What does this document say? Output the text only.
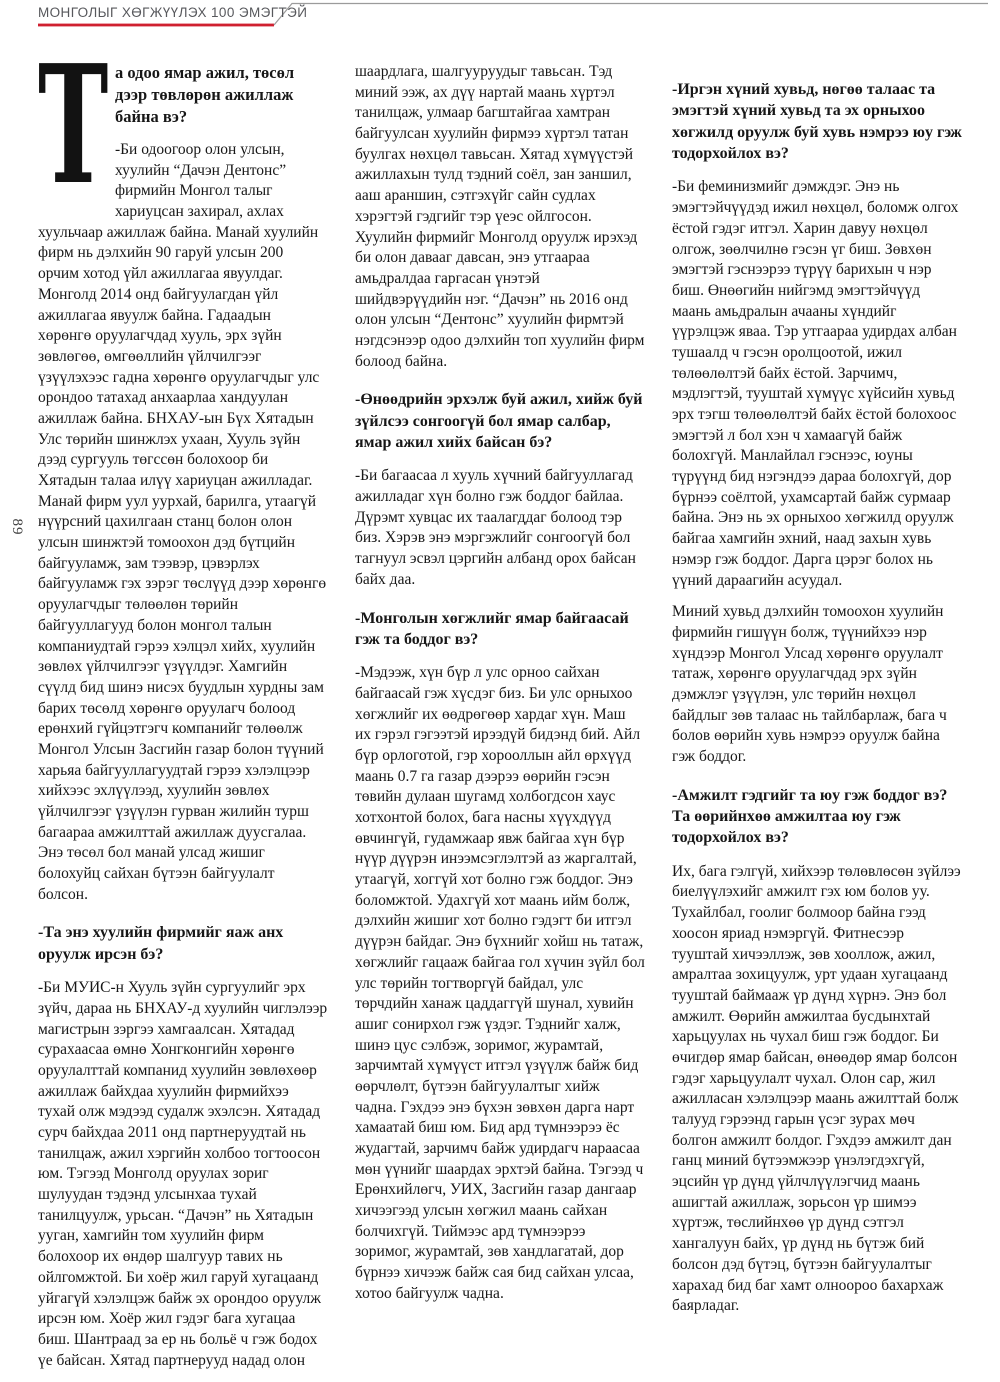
МОНГОЛЫГ ХӨГЖҮҮЛЭХ 100 ЭМЭГТЭЙ
89
Т а одоо ямар ажил, төсөл дээр төвлөрөн ажиллаж байна вэ?

-Би одоогоор олон улсын, хуулийн “Дачэн Дентонс” фирмийн Монгол талыг хариуцсан захирал, ахлах хуульчаар ажиллаж байна. Манай хуулийн фирм нь дэлхийн 90 гаруй улсын 200 орчим хотод үйл ажиллагаа явуулдаг. Монголд 2014 онд байгуулагдан үйл ажиллагаа явуулж байна. Гадаадын хөрөнгө оруулагчдад хууль, эрх зүйн зөвлөгөө, өмгөөллийн үйлчилгээг үзүүлэхээс гадна хөрөнгө оруулагчдыг улс орондоо татахад анхаарлаа хандуулан ажиллаж байна. БНХАУ-ын Бүх Хятадын Улс төрийн шинжлэх ухаан, Хууль зүйн дээд сургууль төгссөн болохоор би Хятадын талаа илүү хариуцан ажилладаг. Манай фирм уул уурхай, барилга, утаагүй нүүрсний цахилгаан станц болон олон улсын шинжтэй томоохон дэд бүтцийн байгууламж, зам тээвэр, цэвэрлэх байгууламж гэх зэрэг төслүүд дээр хөрөнгө оруулагчдыг төлөөлөн төрийн байгууллагууд болон монгол талын компаниудтай гэрээ хэлцэл хийх, хуулийн зөвлөх үйлчилгээг үзүүлдэг. Хамгийн сүүлд бид шинэ нисэх буудлын хурдны зам барих төсөлд хөрөнгө оруулагч болоод ерөнхий гүйцэтгэгч компанийг төлөөлж Монгол Улсын Засгийн газар болон түүний харьяа байгууллагуудтай гэрээ хэлэлцээр хийхээс эхлүүлээд, хуулийн зөвлөх үйлчилгээг үзүүлэн гурван жилийн турш багаараа амжилттай ажиллаж дуусгалаа. Энэ төсөл бол манай улсад жишиг болохуйц сайхан бүтээн байгуулалт болсон.

-Та энэ хуулийн фирмийг яаж анх оруулж ирсэн бэ?

-Би МУИС-н Хууль зүйн сургуулийг эрх зүйч, дараа нь БНХАУ-д хуулийн чиглэлээр магистрын зэргээ хамгаалсан. Хятадад сурахаасаа өмнө Хонгконгийн хөрөнгө оруулалттай компанид хуулийн зөвлөхөөр ажиллаж байхдаа хуулийн фирмийхээ тухай олж мэдээд судалж эхэлсэн. Хятадад сурч байхдаа 2011 онд партнеруудтай нь танилцаж, ажил хэргийн холбоо тогтоосон юм. Тэгээд Монголд оруулах зориг шулуудан тэдэнд улсынхаа тухай танилцуулж, урьсан. “Дачэн” нь Хятадын ууган, хамгийн том хуулийн фирм болохоор их өндөр шалгуур тавих нь ойлгомжтой. Би хоёр жил гаруй хугацаанд уйгагүй хэлэлцэж байж эх орондоо оруулж ирсэн юм. Хоёр жил гэдэг бага хугацаа биш. Шантраад за ер нь больё ч гэж бодох үе байсан. Хятад партнерууд надад олон

шаардлага, шалгууруудыг тавьсан. Тэд миний ээж, ах дүү нартай маань хүртэл танилцаж, улмаар багштайгаа хамтран байгуулсан хуулийн фирмээ хүртэл татан буулгах нөхцөл тавьсан. Хятад хүмүүстэй ажиллахын тулд тэдний соёл, зан заншил, ааш араншин, сэтгэхүйг сайн судлах хэрэгтэй гэдгийг тэр үеэс ойлгосон. Хуулийн фирмийг Монголд оруулж ирэхэд би олон давааг давсан, энэ утгаараа амьдралдаа гаргасан үнэтэй шийдвэрүүдийн нэг. “Дачэн” нь 2016 онд олон улсын “Дентонс” хуулийн фирмтэй нэгдсэнээр одоо дэлхийн топ хуулийн фирм болоод байна.

-Өнөөдрийн эрхэлж буй ажил, хийж буй зүйлсээ сонгоогүй бол ямар салбар, ямар ажил хийх байсан бэ?

-Би багаасаа л хууль хүчний байгууллагад ажилладаг хүн болно гэж боддог байлаа. Дүрэмт хувцас их таалагддаг болоод тэр биз. Хэрэв энэ мэргэжлийг сонгоогүй бол тагнуул эсвэл цэргийн албанд орох байсан байх даа.

-Монголын хөгжлийг ямар байгаасай гэж та боддог вэ?

-Мэдээж, хүн бүр л улс орноо сайхан байгаасай гэж хүсдэг биз. Би улс орныхоо хөгжлийг их өөдрөгөөр хардаг хүн. Маш их гэрэл гэгээтэй ирээдүй бидэнд бий. Айл бүр орлоготой, гэр хорооллын айл өрхүүд маань 0.7 га газар дээрээ өөрийн гэсэн төвийн дулаан шугамд холбогдсон хаус хотхонтой болох, бага насны хүүхдүүд өвчингүй, гудамжаар явж байгаа хүн бүр нүүр дүүрэн инээмсэглэлтэй аз жаргалтай, утаагүй, хоггүй хот болно гэж боддог. Энэ боломжтой. Удахгүй хот маань ийм болж, дэлхийн жишиг хот болно гэдэгт би итгэл дүүрэн байдаг. Энэ бүхнийг хойш нь татаж, хөгжлийг гацааж байгаа гол хүчин зүйл бол улс төрийн тогтворгүй байдал, улс төрчдийн ханаж цаддаггүй шунал, хувийн ашиг сонирхол гэж үздэг. Тэднийг халж, шинэ цус сэлбэж, зоримог, журамтай, зарчимтай хүмүүст итгэл үзүүлж байж бид өөрчлөлт, бүтээн байгуулалтыг хийж чадна. Гэхдээ энэ бүхэн зөвхөн дарга нарт хамаатай биш юм. Бид ард түмнээрээ ёс жудагтай, зарчимч байж удирдагч нараасаа мөн үүнийг шаардах эрхтэй байна. Тэгээд ч Ерөнхийлөгч, УИХ, Засгийн газар дангаар хичээгээд улсын хөгжил маань сайхан болчихгүй. Тиймээс ард түмнээрээ зоримог, журамтай, зөв хандлагатай, дор бүрнээ хичээж байж сая бид сайхан улсаа, хотоо байгуулж чадна.

-Иргэн хүний хувьд, нөгөө талаас та эмэгтэй хүний хувьд та эх орныхоо хөгжилд оруулж буй хувь нэмрээ юу гэж тодорхойлох вэ?

-Би феминизмийг дэмждэг. Энэ нь эмэгтэйчүүдэд ижил нөхцөл, боломж олгох ёстой гэдэг итгэл. Харин давуу нөхцөл олгож, зөөлчилнө гэсэн үг биш. Зөвхөн эмэгтэй гэснээрээ түрүү барихын ч нэр биш. Өнөөгийн нийгэмд эмэгтэйчүүд маань амьдралын ачааны хүндийг үүрэлцэж яваа. Тэр утгаараа удирдах албан тушаалд ч гэсэн оролцоотой, ижил төлөөлөлтэй байх ёстой. Зарчимч, мэдлэгтэй, тууштай хүмүүс хүйсийн хувьд эрх тэгш төлөөлөлтэй байх ёстой болохоос эмэгтэй л бол хэн ч хамаагүй байж болохгүй. Манлайлал гэснээс, юуны түрүүнд бид нэгэндээ дараа болохгүй, дор бүрнээ соёлтой, ухамсартай байж сурмаар байна. Энэ нь эх орныхоо хөгжилд оруулж байгаа хамгийн эхний, наад захын хувь нэмэр гэж боддог. Дарга цэрэг болох нь үүний дараагийн асуудал.

Миний хувьд дэлхийн томоохон хуулийн фирмийн гишүүн болж, түүнийхээ нэр хүндээр Монгол Улсад хөрөнгө оруулалт татаж, хөрөнгө оруулагчдад эрх зүйн дэмжлэг үзүүлэн, улс төрийн нөхцөл байдлыг зөв талаас нь тайлбарлаж, бага ч болов өөрийн хувь нэмрээ оруулж байна гэж боддог.

-Амжилт гэдгийг та юу гэж боддог вэ? Та өөрийнхөө амжилтаа юу гэж тодорхойлох вэ?

Их, бага гэлгүй, хийхээр төлөвлөсөн зүйлээ биелүүлэхийг амжилт гэх юм болов уу. Тухайлбал, гоолиг болмоор байна гээд хоосон яриад нэмэргүй. Фитнесээр тууштай хичээллэж, зөв хооллож, ажил, амралтаа зохицуулж, урт удаан хугацаанд тууштай баймааж үр дүнд хүрнэ. Энэ бол амжилт. Өөрийн амжилтаа бусдынхтай харьцуулах нь чухал биш гэж боддог. Би өчигдөр ямар байсан, өнөөдөр ямар болсон гэдэг харьцуулалт чухал. Олон сар, жил ажилласан хэлэлцээр маань ажилттай болж талууд гэрээнд гарын үсэг зурах мөч болгон амжилт болдог. Гэхдээ амжилт дан ганц миний бүтээмжээр үнэлэгдэхгүй, эцсийн үр дүнд үйлчлүүлэгчид маань ашигтай ажиллаж, зорьсон үр шимээ хүртэж, төслийнхөө үр дүнд сэтгэл хангалуун байх, үр дүнд нь бүтэж бий болсон дэд бүтэц, бүтээн байгуулалтыг харахад бид баг хамт олноороо бахархаж баярладаг.
